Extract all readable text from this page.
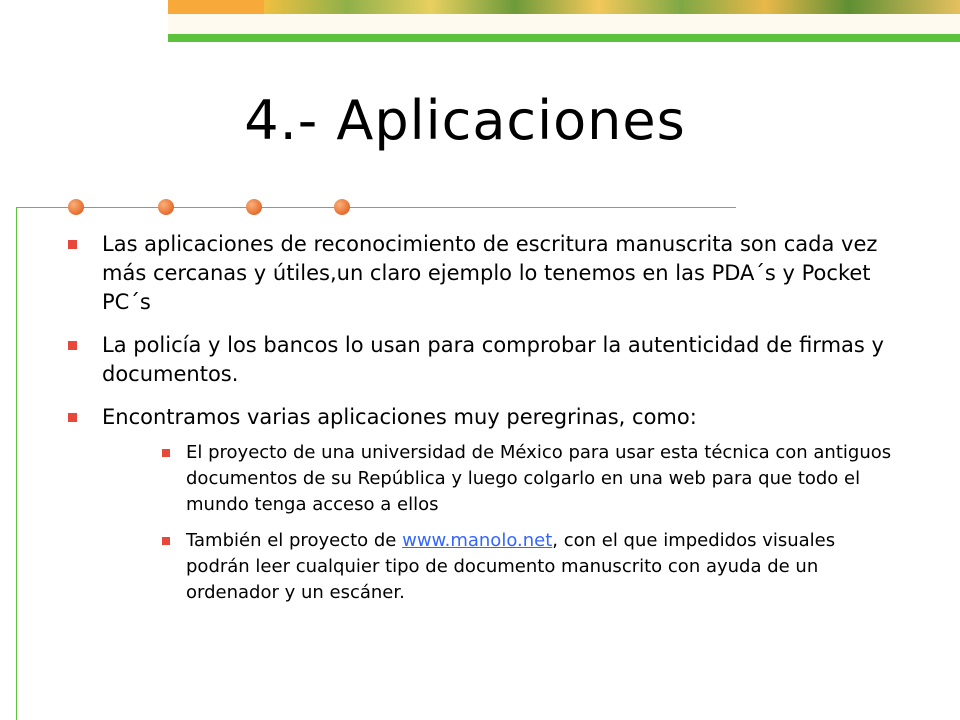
4.- Aplicaciones
Las aplicaciones de reconocimiento de escritura manuscrita son cada vez más cercanas y útiles,un claro ejemplo lo tenemos en las PDA´s y Pocket PC´s
La policía y los bancos lo usan para comprobar la autenticidad de firmas y documentos.
Encontramos varias aplicaciones muy peregrinas, como:
El proyecto de una universidad de México para usar esta técnica con antiguos documentos de su República y luego colgarlo en una web para que todo el mundo tenga acceso a ellos
También el proyecto de www.manolo.net, con el que impedidos visuales podrán leer cualquier tipo de documento manuscrito con ayuda de un ordenador y un escáner.
